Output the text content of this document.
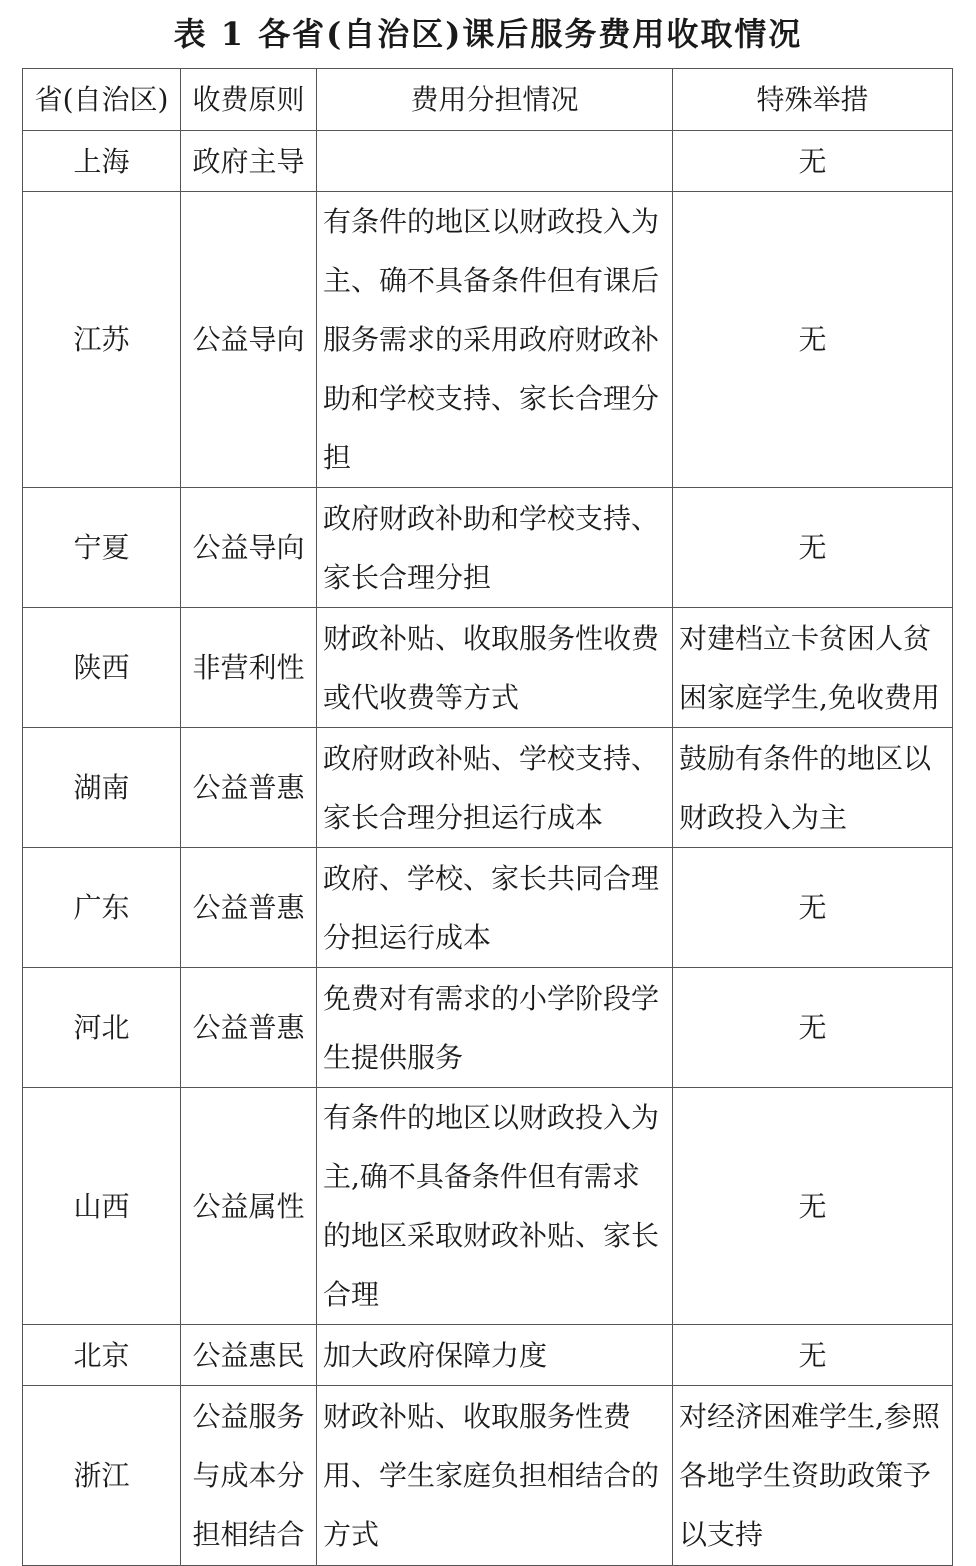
表 1 各省(自治区)课后服务费用收取情况
省(自治区)	收费原则	费用分担情况	特殊举措
上海	政府主导		无
江苏	公益导向	有条件的地区以财政投入为主、确不具备条件但有课后服务需求的采用政府财政补助和学校支持、家长合理分担	无
宁夏	公益导向	政府财政补助和学校支持、家长合理分担	无
陕西	非营利性	财政补贴、收取服务性收费或代收费等方式	对建档立卡贫困人贫困家庭学生,免收费用

湖南	公益普惠	政府财政补贴、学校支持、家长合理分担运行成本	鼓励有条件的地区以财政投入为主

广东	公益普惠	政府、学校、家长共同合理分担运行成本	无
河北	公益普惠	免费对有需求的小学阶段学生提供服务	无
山西	公益属性	有条件的地区以财政投入为主,确不具备条件但有需求的地区采取财政补贴、家长合理	无
北京	公益惠民	加大政府保障力度	无
浙江	公益服务与成本分担相结合	财政补贴、收取服务性费用、学生家庭负担相结合的方式	对经济困难学生,参照各地学生资助政策予以支持
